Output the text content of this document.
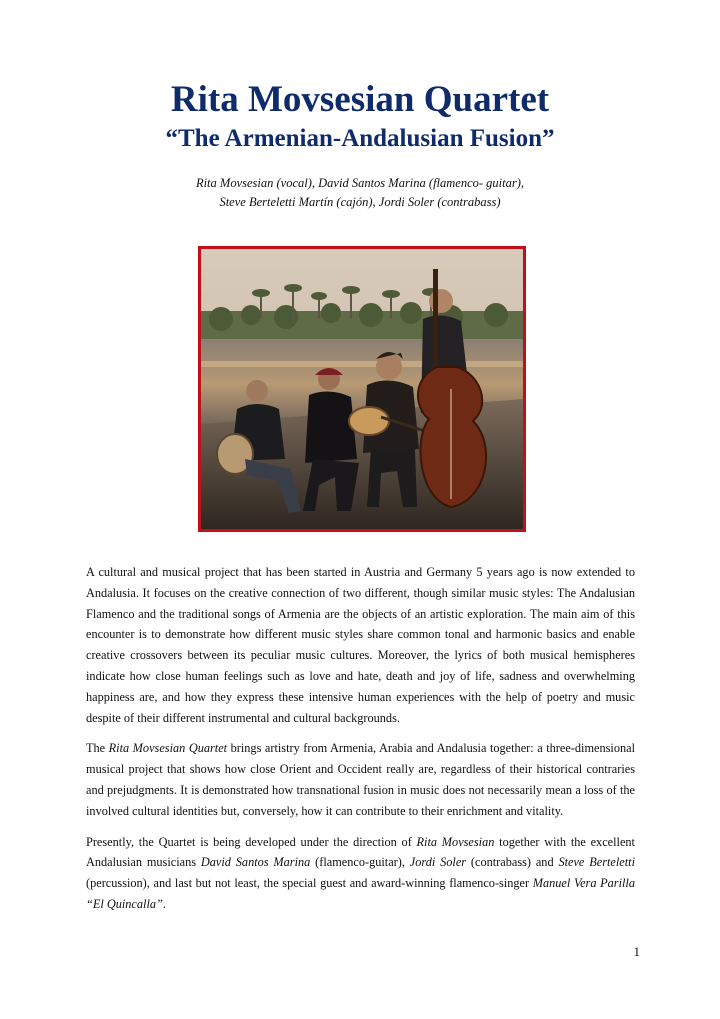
Rita Movsesian Quartet
“The Armenian-Andalusian Fusion”
Rita Movsesian (vocal), David Santos Marina (flamenco- guitar),
Steve Berteletti Martín (cajón), Jordi Soler (contrabass)

A cultural and musical project that has been started in Austria and Germany 5 years ago is now extended to Andalusia. It focuses on the creative connection of two different, though similar music styles: The Andalusian Flamenco and the traditional songs of Armenia are the objects of an artistic exploration. The main aim of this encounter is to demonstrate how different music styles share common tonal and harmonic basics and enable creative crossovers between its peculiar music cultures. Moreover, the lyrics of both musical hemispheres indicate how close human feelings such as love and hate, death and joy of life, sadness and overwhelming happiness are, and how they express these intensive human experiences with the help of poetry and music despite of their different instrumental and cultural backgrounds.

The Rita Movsesian Quartet brings artistry from Armenia, Arabia and Andalusia together: a three-dimensional musical project that shows how close Orient and Occident really are, regardless of their historical contraries and prejudgments. It is demonstrated how transnational fusion in music does not necessarily mean a loss of the involved cultural identities but, conversely, how it can contribute to their enrichment and vitality.

Presently, the Quartet is being developed under the direction of Rita Movsesian together with the excellent Andalusian musicians David Santos Marina (flamenco-guitar), Jordi Soler (contrabass) and Steve Berteletti (percussion), and last but not least, the special guest and award-winning flamenco-singer Manuel Vera Parilla “El Quincalla”.

1
